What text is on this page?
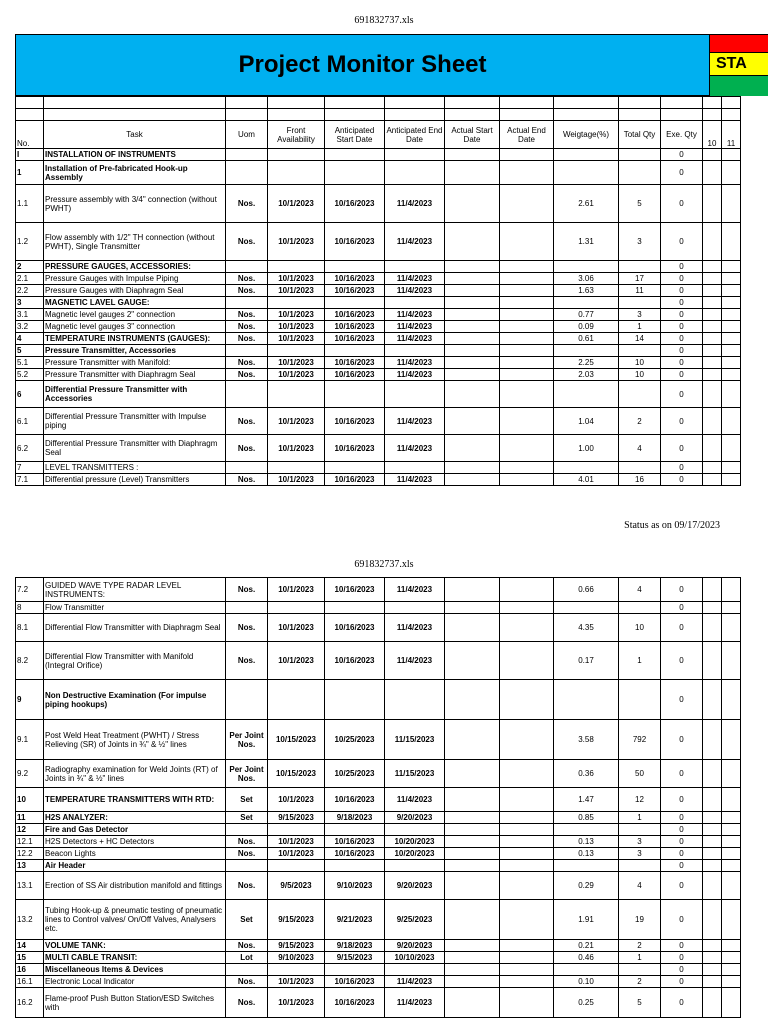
691832737.xls
Project Monitor Sheet	STA

No.	Task	Uom	Front Availability	Anticipated Start Date	Anticipated End Date	Actual Start Date	Actual End Date	Weigtage(%)	Total Qty	Exe. Qty	10	11
I	INSTALLATION OF INSTRUMENTS									0		
1	Installation of Pre-fabricated Hook-up Assembly									0		
1.1	Pressure assembly with 3/4" connection (without PWHT)	Nos.	10/1/2023	10/16/2023	11/4/2023			2.61	5	0		
1.2	Flow assembly with 1/2" TH connection (without PWHT), Single Transmitter	Nos.	10/1/2023	10/16/2023	11/4/2023			1.31	3	0		
2	PRESSURE GAUGES, ACCESSORIES:									0		
2.1	Pressure Gauges with Impulse Piping	Nos.	10/1/2023	10/16/2023	11/4/2023			3.06	17	0		
2.2	Pressure Gauges with Diaphragm Seal	Nos.	10/1/2023	10/16/2023	11/4/2023			1.63	11	0		
3	MAGNETIC LAVEL GAUGE:									0		
3.1	Magnetic level gauges 2" connection	Nos.	10/1/2023	10/16/2023	11/4/2023			0.77	3	0		
3.2	Magnetic level gauges 3" connection	Nos.	10/1/2023	10/16/2023	11/4/2023			0.09	1	0		
4	TEMPERATURE INSTRUMENTS (GAUGES):	Nos.	10/1/2023	10/16/2023	11/4/2023			0.61	14	0		
5	Pressure Transmitter, Accessories									0		
5.1	Pressure Transmitter with Manifold:	Nos.	10/1/2023	10/16/2023	11/4/2023			2.25	10	0		
5.2	Pressure Transmitter with Diaphragm Seal	Nos.	10/1/2023	10/16/2023	11/4/2023			2.03	10	0		
6	Differential Pressure Transmitter with Accessories									0		
6.1	Differential Pressure Transmitter with Impulse piping	Nos.	10/1/2023	10/16/2023	11/4/2023			1.04	2	0		
6.2	Differential Pressure Transmitter with Diaphragm Seal	Nos.	10/1/2023	10/16/2023	11/4/2023			1.00	4	0		
7	LEVEL TRANSMITTERS :									0		
7.1	Differential pressure (Level) Transmitters	Nos.	10/1/2023	10/16/2023	11/4/2023			4.01	16	0		
Status as on 09/17/2023
691832737.xls
7.2	GUIDED WAVE TYPE RADAR LEVEL INSTRUMENTS:	Nos.	10/1/2023	10/16/2023	11/4/2023			0.66	4	0		
8	Flow Transmitter									0		
8.1	Differential Flow Transmitter with Diaphragm Seal	Nos.	10/1/2023	10/16/2023	11/4/2023			4.35	10	0		
8.2	Differential Flow Transmitter with Manifold (Integral Orifice)	Nos.	10/1/2023	10/16/2023	11/4/2023			0.17	1	0		
9	Non Destructive Examination (For impulse piping hookups)									0		
9.1	Post Weld Heat Treatment (PWHT) / Stress Relieving (SR) of Joints in ¾" & ½" lines	Per Joint Nos.	10/15/2023	10/25/2023	11/15/2023			3.58	792	0		
9.2	Radiography examination for Weld Joints (RT) of Joints in ¾" & ½" lines	Per Joint Nos.	10/15/2023	10/25/2023	11/15/2023			0.36	50	0		
10	TEMPERATURE TRANSMITTERS WITH RTD:	Set	10/1/2023	10/16/2023	11/4/2023			1.47	12	0		
11	H2S ANALYZER:	Set	9/15/2023	9/18/2023	9/20/2023			0.85	1	0		
12	Fire and Gas Detector									0		
12.1	H2S Detectors + HC Detectors	Nos.	10/1/2023	10/16/2023	10/20/2023			0.13	3	0		
12.2	Beacon Lights	Nos.	10/1/2023	10/16/2023	10/20/2023			0.13	3	0		
13	Air Header									0		
13.1	Erection of SS Air distribution manifold and fittings	Nos.	9/5/2023	9/10/2023	9/20/2023			0.29	4	0		
13.2	Tubing Hook-up & pneumatic testing of pneumatic lines to Control valves/ On/Off Valves, Analysers etc.	Set	9/15/2023	9/21/2023	9/25/2023			1.91	19	0		
14	VOLUME TANK:	Nos.	9/15/2023	9/18/2023	9/20/2023			0.21	2	0		
15	MULTI CABLE TRANSIT:	Lot	9/10/2023	9/15/2023	10/10/2023			0.46	1	0		
16	Miscellaneous Items & Devices									0		
16.1	Electronic Local Indicator	Nos.	10/1/2023	10/16/2023	11/4/2023			0.10	2	0		
16.2	Flame-proof Push Button Station/ESD Switches with	Nos.	10/1/2023	10/16/2023	11/4/2023			0.25	5	0		
